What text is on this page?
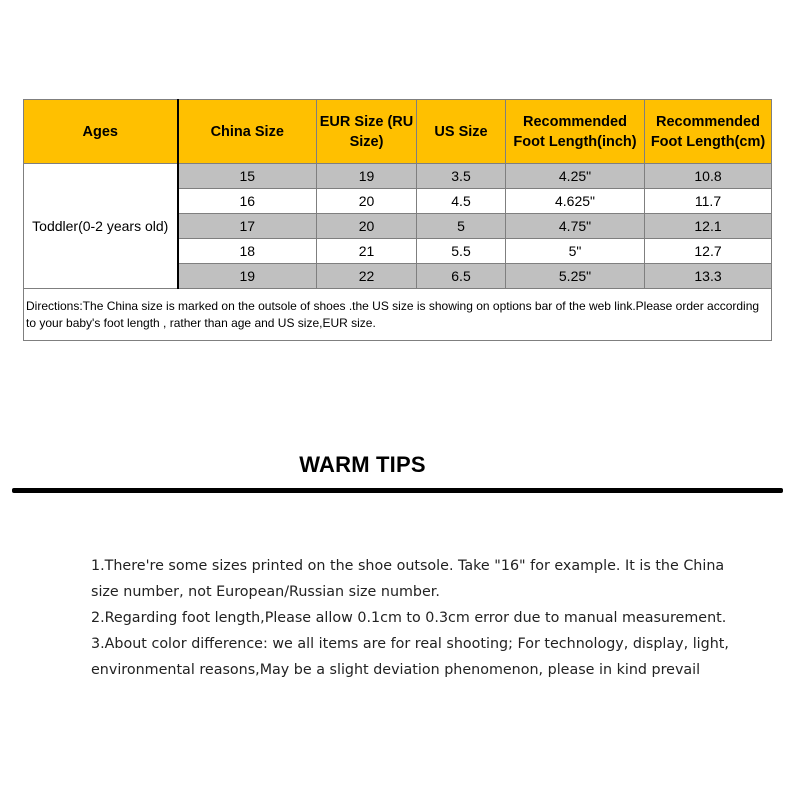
Ages	China Size	EUR Size (RU Size)	US Size	Recommended Foot Length(inch)	Recommended Foot Length(cm)
Toddler(0-2 years old)	15	19	3.5	4.25"	10.8
	16	20	4.5	4.625"	11.7
	17	20	5	4.75"	12.1
	18	21	5.5	5"	12.7
	19	22	6.5	5.25"	13.3
Directions:The China size is marked on the outsole of shoes .the US size is showing on options bar of the web link.Please order according to your baby's foot length , rather than age and US size,EUR size.					
WARM TIPS

1.There're some sizes printed on the shoe outsole. Take "16" for example. It is the China size number, not European/Russian size number.

2.Regarding foot length,Please allow 0.1cm to 0.3cm error due to manual measurement.

3.About color difference: we all items are for real shooting; For technology, display, light, environmental reasons,May be a slight deviation phenomenon, please in kind prevail
